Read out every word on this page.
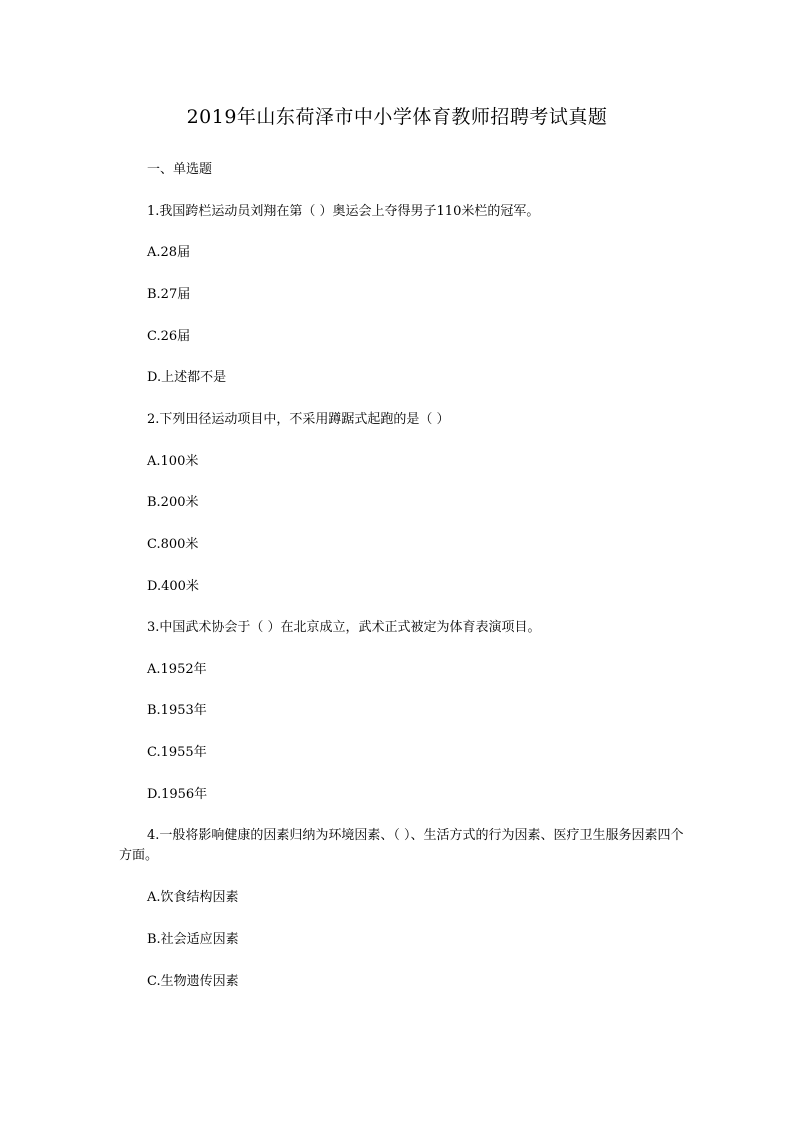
2019年山东荷泽市中小学体育教师招聘考试真题

一、单选题

1.我国跨栏运动员刘翔在第（ ）奥运会上夺得男子110米栏的冠军。

A.28届

B.27届

C.26届

D.上述都不是

2.下列田径运动项目中，不采用蹲踞式起跑的是（ ）

A.100米

B.200米

C.800米

D.400米

3.中国武术协会于（ ）在北京成立，武术正式被定为体育表演项目。

A.1952年

B.1953年

C.1955年

D.1956年

4.一般将影响健康的因素归纳为环境因素、（ ）、生活方式的行为因素、医疗卫生服务因素四个方面。

A.饮食结构因素

B.社会适应因素

C.生物遗传因素
